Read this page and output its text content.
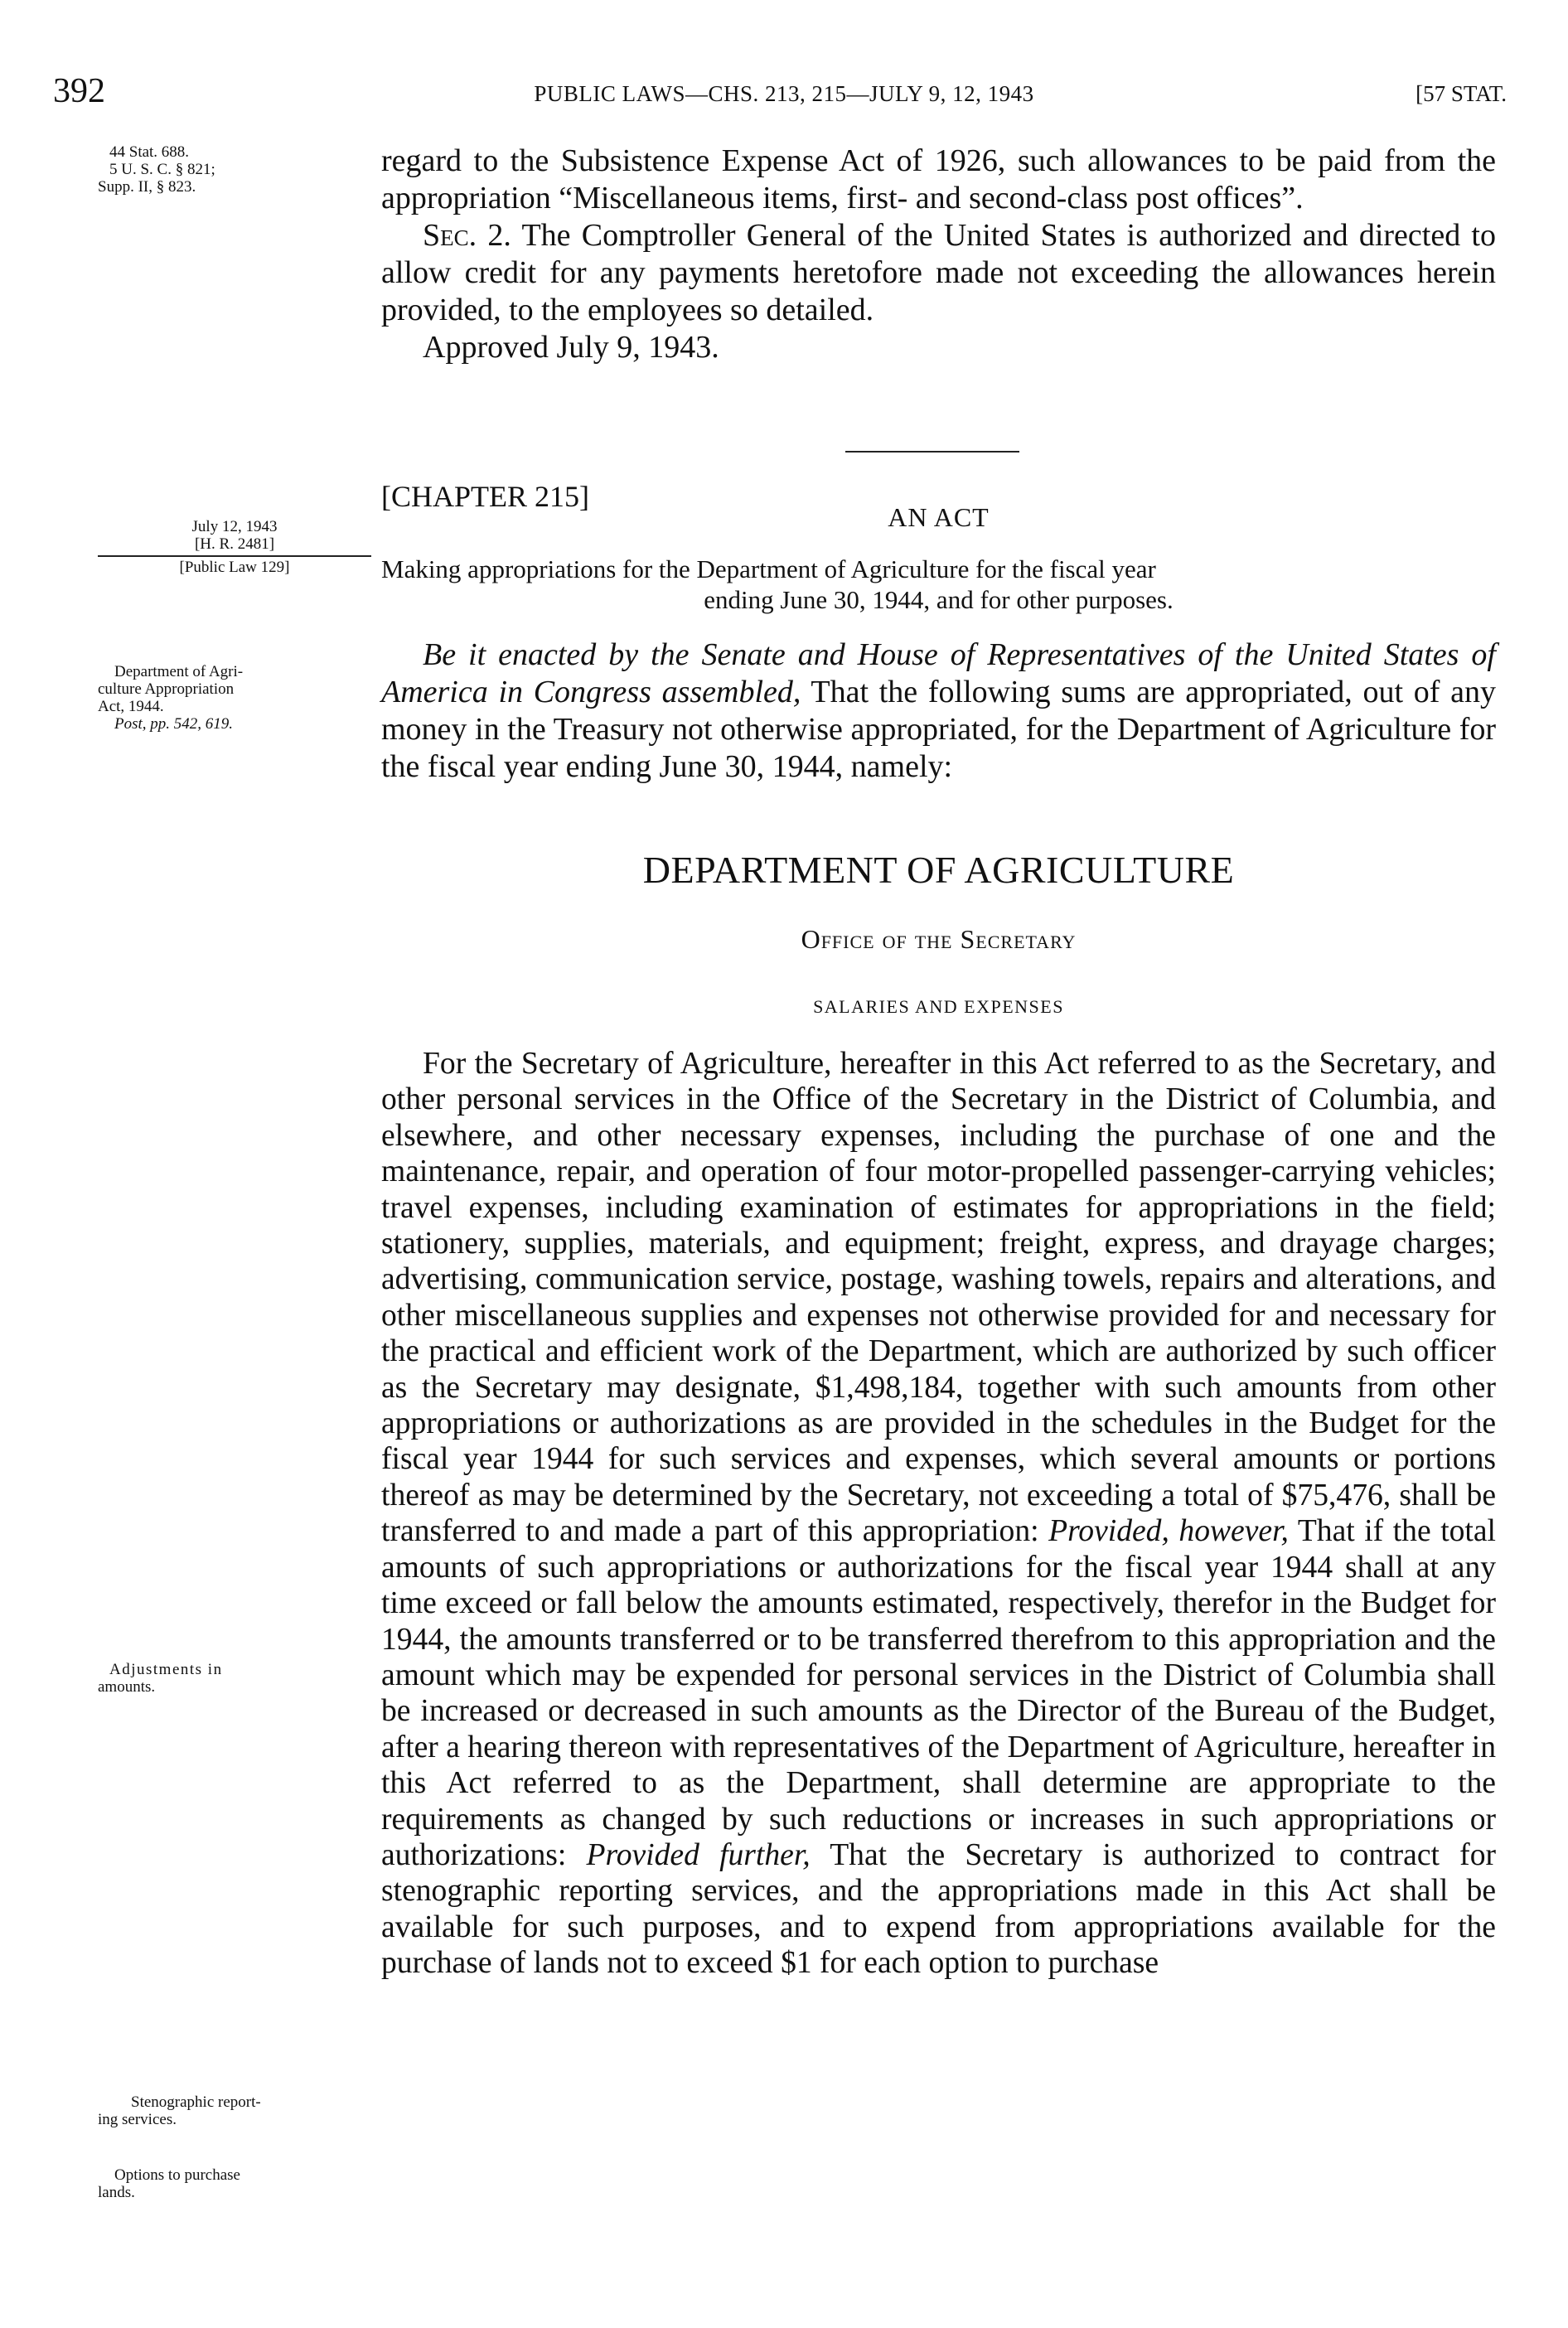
392	PUBLIC LAWS—CHS. 213, 215—JULY 9, 12, 1943	[57 STAT.
44 Stat. 688.
5 U. S. C. § 821;
Supp. II, § 823.
July 12, 1943
[H. R. 2481]
[Public Law 129]
Department of Agri-
culture Appropriation
Act, 1944.
Post, pp. 542, 619.
Adjustments in
amounts.
Stenographic report-
ing services.
Options to purchase
lands.

regard to the Subsistence Expense Act of 1926, such allowances to be paid from the appropriation “Miscellaneous items, first- and second-class post offices”.

Sec. 2. The Comptroller General of the United States is authorized and directed to allow credit for any payments heretofore made not exceeding the allowances herein provided, to the employees so detailed.

Approved July 9, 1943.

[CHAPTER 215]
AN ACT
Making appropriations for the Department of Agriculture for the fiscal year
ending June 30, 1944, and for other purposes.

Be it enacted by the Senate and House of Representatives of the United States of America in Congress assembled, That the following sums are appropriated, out of any money in the Treasury not otherwise appropriated, for the Department of Agriculture for the fiscal year ending June 30, 1944, namely:

DEPARTMENT OF AGRICULTURE
Office of the Secretary
SALARIES AND EXPENSES

For the Secretary of Agriculture, hereafter in this Act referred to as the Secretary, and other personal services in the Office of the Secretary in the District of Columbia, and elsewhere, and other necessary expenses, including the purchase of one and the maintenance, repair, and operation of four motor-propelled passenger-carrying vehicles; travel expenses, including examination of estimates for appropriations in the field; stationery, supplies, materials, and equipment; freight, express, and drayage charges; advertising, communication service, postage, washing towels, repairs and alterations, and other miscellaneous supplies and expenses not otherwise provided for and necessary for the practical and efficient work of the Department, which are authorized by such officer as the Secretary may designate, $1,498,184, together with such amounts from other appropriations or authorizations as are provided in the schedules in the Budget for the fiscal year 1944 for such services and expenses, which several amounts or portions thereof as may be determined by the Secretary, not exceeding a total of $75,476, shall be transferred to and made a part of this appropriation: Provided, however, That if the total amounts of such appropriations or authorizations for the fiscal year 1944 shall at any time exceed or fall below the amounts estimated, respectively, therefor in the Budget for 1944, the amounts transferred or to be transferred therefrom to this appropriation and the amount which may be expended for personal services in the District of Columbia shall be increased or decreased in such amounts as the Director of the Bureau of the Budget, after a hearing thereon with representatives of the Department of Agriculture, hereafter in this Act referred to as the Department, shall determine are appropriate to the requirements as changed by such reductions or increases in such appropriations or authorizations: Provided further, That the Secretary is authorized to contract for stenographic reporting services, and the appropriations made in this Act shall be available for such purposes, and to expend from appropriations available for the purchase of lands not to exceed $1 for each option to purchase
